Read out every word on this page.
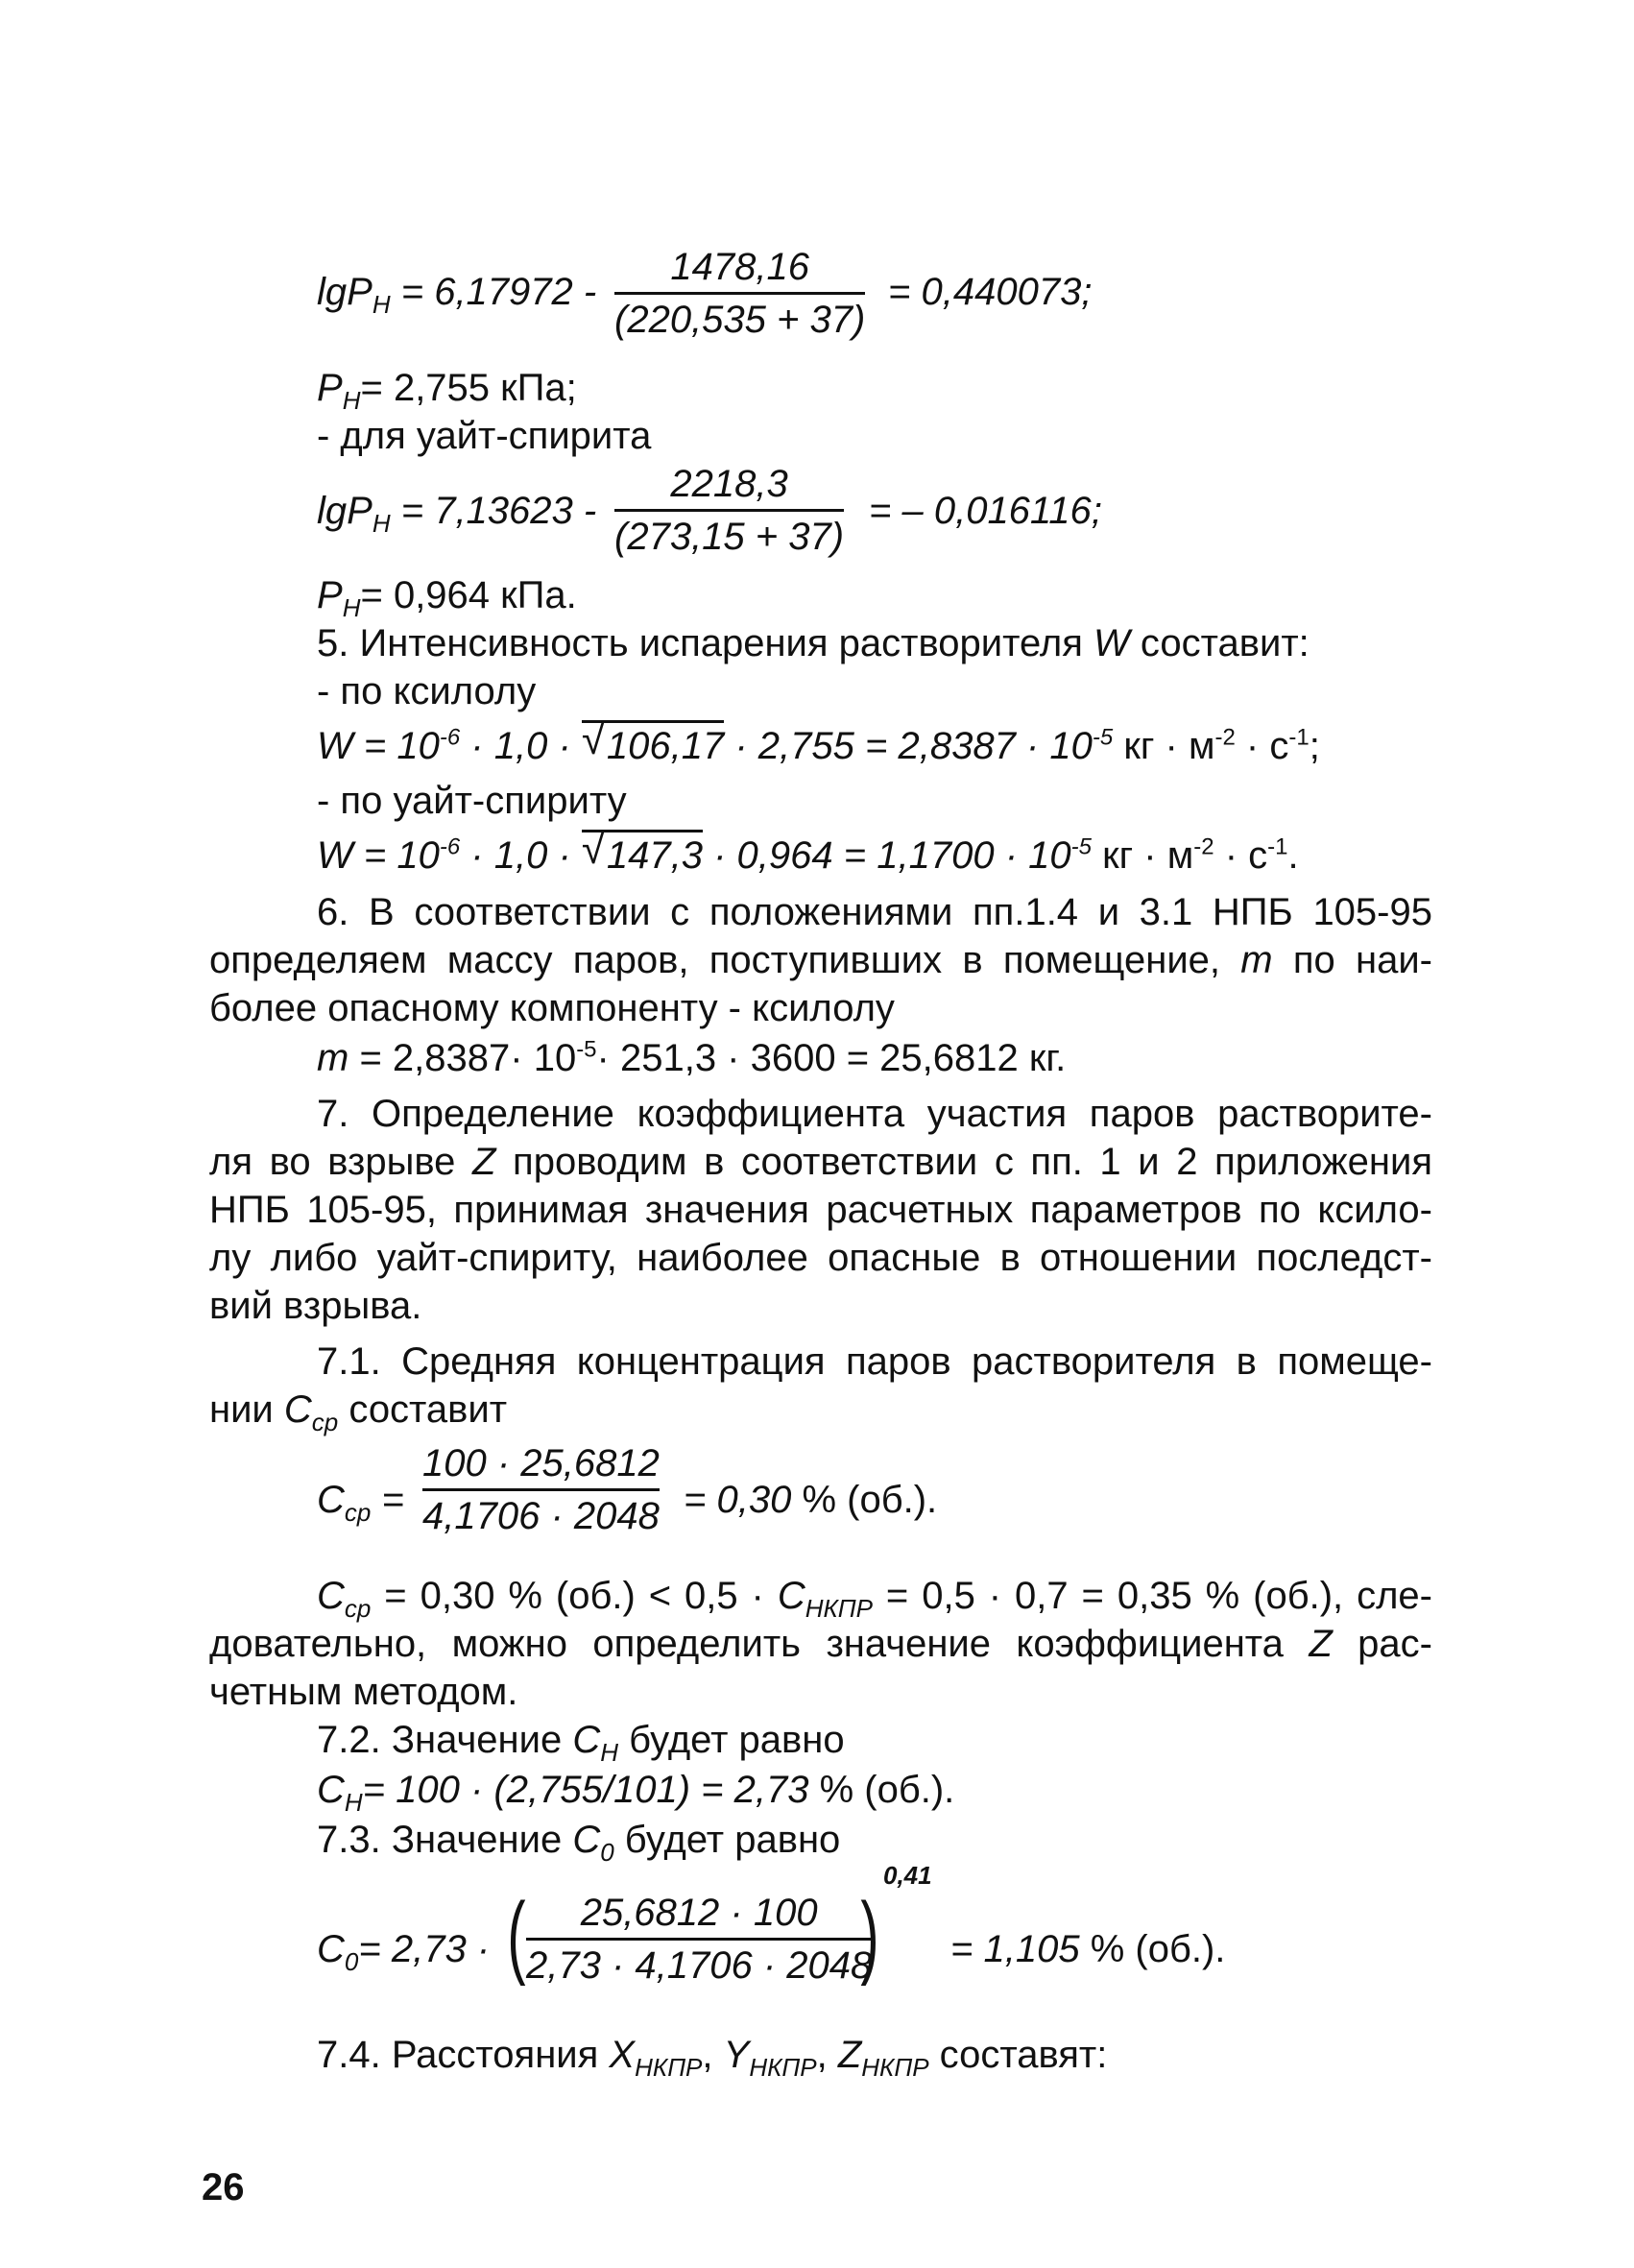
lgP$_H$ = 6,17972 -
1478,16
(220,535 + 37)
= 0,440073;
$P_H= 2,755$ кПа;
- для уайт-спирита
lgP$_H$ = 7,13623 -
2218,3
(273,15 + 37)
= – 0,016116;
$P_H= 0,964$ кПа.
5. Интенсивность испарения растворителя W составит:
- по ксилолу
$W = 10^{-6} \cdot 1,0$ · √ $106,17 \cdot 2,755 = 2,8387 \cdot 10^{-5}$ кг · $м^{-2} \cdot с^{-1}$;
- по уайт-спириту
$W = 10^{-6} \cdot 1,0$ · √ $147,3 \cdot 0,964 = 1,1700 \cdot 10^{-5}$ кг · $м^{-2} \cdot с^{-1}$.
6. В соответствии с положениями пп.1.4 и 3.1 НПБ 105-95
определяем массу паров, поступивших в помещение, m по наи-
более опасному компоненту - ксилолу
$m = 2,8387\cdot 10^{-5}\cdot 251,3 \cdot 3600 = 25,6812$ кг.
7. Определение коэффициента участия паров растворите-
ля во взрыве Z проводим в соответствии с пп. 1 и 2 приложения
НПБ 105-95, принимая значения расчетных параметров по ксило-
лу либо уайт-спириту, наиболее опасные в отношении последст-
вий взрыва.
7.1. Средняя концентрация паров растворителя в помеще-
нии $C_{ср}$ составит
$C_{ср}$ =
100 · 25,6812
4,1706 · 2048 = 0,30 % (об.).
$C_{ср} = 0,30$ % $(об.) < 0,5 \cdot C_{НКПР} = 0,5 \cdot 0,7 = 0,35$ % (об.), сле-
довательно, можно определить значение коэффициента Z рас-
четным методом.
7.2. Значение $C_H$ будет равно
$C_H= 100 \cdot (2,755/101) = 2,73$ % (об.).
7.3. Значение $C_0$ будет равно
$C_0= 2,73$ · ( 25,6812 · 100
2,73 · 4,1706 · 2048
)
0,41
= 1,105 % (об.).
7.4. Расстояния $X_{НКПР}$, $Y_{НКПР}$, $Z_{НКПР}$ составят:
26
